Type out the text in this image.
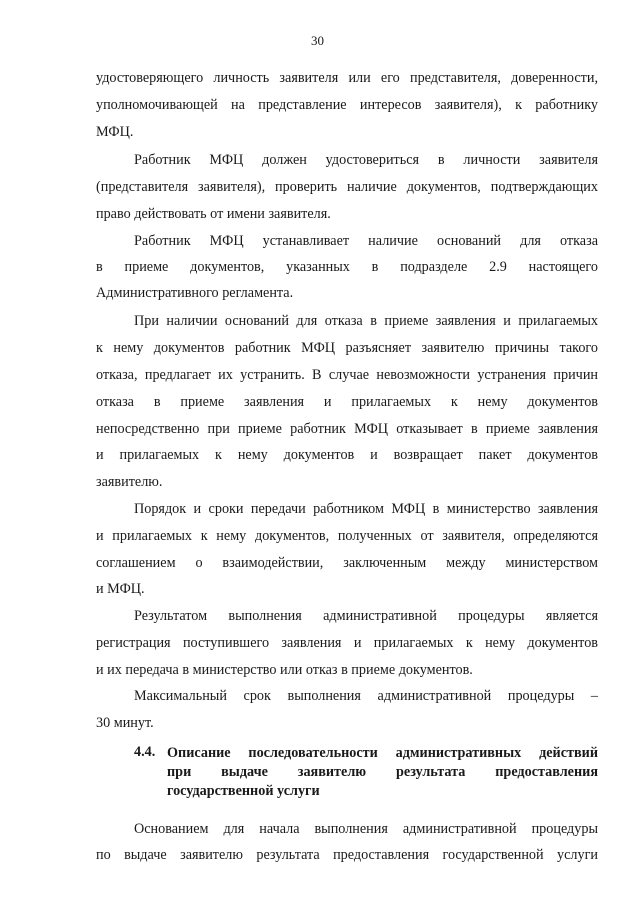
30
удостоверяющего личность заявителя или его представителя, доверенности,
уполномочивающей на представление интересов заявителя), к работнику
МФЦ.
Работник МФЦ должен удостовериться в личности заявителя
(представителя заявителя), проверить наличие документов, подтверждающих
право действовать от имени заявителя.
Работник МФЦ устанавливает наличие оснований для отказа
в приеме документов, указанных в подразделе 2.9 настоящего
Административного регламента.
При наличии оснований для отказа в приеме заявления и прилагаемых
к нему документов работник МФЦ разъясняет заявителю причины такого
отказа, предлагает их устранить. В случае невозможности устранения причин
отказа в приеме заявления и прилагаемых к нему документов
непосредственно при приеме работник МФЦ отказывает в приеме заявления
и прилагаемых к нему документов и возвращает пакет документов
заявителю.
Порядок и сроки передачи работником МФЦ в министерство заявления
и прилагаемых к нему документов, полученных от заявителя, определяются
соглашением о взаимодействии, заключенным между министерством
и МФЦ.
Результатом выполнения административной процедуры является
регистрация поступившего заявления и прилагаемых к нему документов
и их передача в министерство или отказ в приеме документов.
Максимальный срок выполнения административной процедуры –
30 минут.
4.4. Описание последовательности административных действий
при выдаче заявителю результата предоставления
государственной услуги
Основанием для начала выполнения административной процедуры
по выдаче заявителю результата предоставления государственной услуги
